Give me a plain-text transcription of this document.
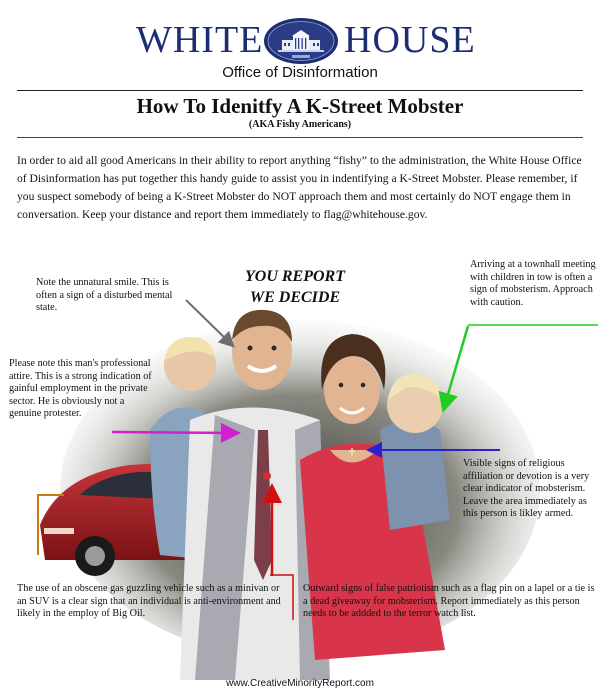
WHITE HOUSE
Office of Disinformation
How To Idenitfy A K-Street Mobster
(AKA Fishy Americans)
In order to aid all good Americans in their ability to report anything “fishy” to the administration, the White House Office of Disinformation has put together this handy guide to assist you in indentifying a K-Street Mobster. Please remember, if you suspect somebody of being a K-Street Mobster do NOT approach them and most certainly do NOT engage them in conversation. Keep your distance and report them immediately to flag@whitehouse.gov.
Note the unnatural smile. This is often a sign of a disturbed mental state.
Please note this man's professional attire. This is a strong indication of gainful employment in the private sector. He is obviously not a genuine protester.
Arriving at a townhall meeting with children in tow is often a sign of mobsterism. Approach with caution.
Visible signs of religious affiliation or devotion is a very clear indicator of mobsterism. Leave the area immediately as this person is likley armed.
The use of an obscene gas guzzling vehicle such as a minivan or an SUV is a clear sign that an individual is anti-environment and likely in the employ of Big Oil.
Outward signs of false patriotism such as a flag pin on a lapel or a tie is a dead giveaway for mobsterism. Report immediately as this person needs to be addded to the terror watch list.
YOU REPORT
WE DECIDE
www.CreativeMinorityReport.com
